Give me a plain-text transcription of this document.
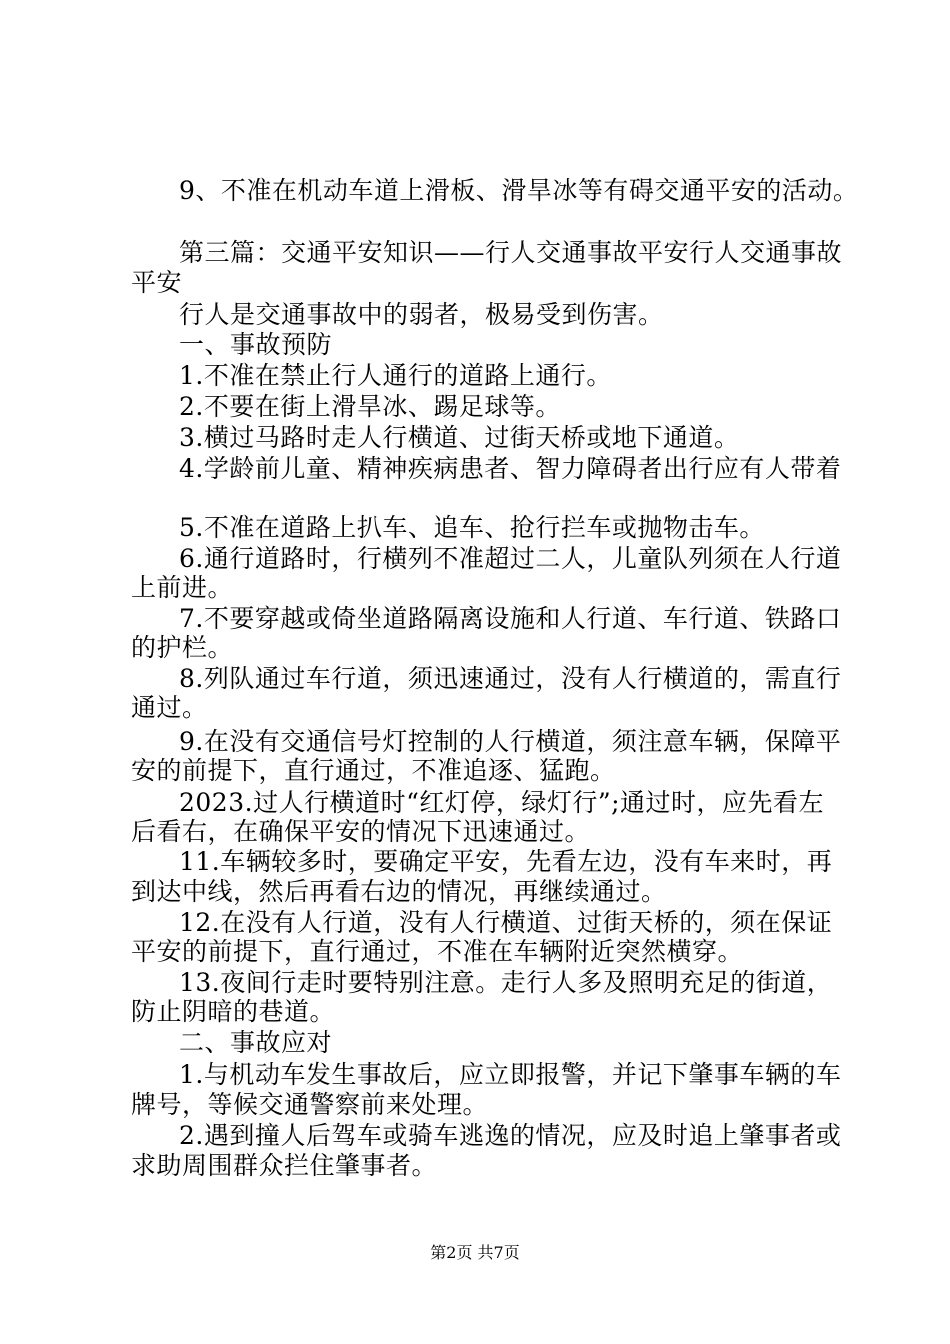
9、不准在机动车道上滑板、滑旱冰等有碍交通平安的活动。
第三篇：交通平安知识——行人交通事故平安行人交通事故
平安
行人是交通事故中的弱者，极易受到伤害。
一、事故预防
1.不准在禁止行人通行的道路上通行。
2.不要在街上滑旱冰、踢足球等。
3.横过马路时走人行横道、过街天桥或地下通道。
4.学龄前儿童、精神疾病患者、智力障碍者出行应有人带着
5.不准在道路上扒车、追车、抢行拦车或抛物击车。
6.通行道路时，行横列不准超过二人，儿童队列须在人行道
上前进。
7.不要穿越或倚坐道路隔离设施和人行道、车行道、铁路口
的护栏。
8.列队通过车行道，须迅速通过，没有人行横道的，需直行
通过。
9.在没有交通信号灯控制的人行横道，须注意车辆，保障平
安的前提下，直行通过，不准追逐、猛跑。
2023.过人行横道时“红灯停，绿灯行”;通过时，应先看左
后看右，在确保平安的情况下迅速通过。
11.车辆较多时，要确定平安，先看左边，没有车来时，再
到达中线，然后再看右边的情况，再继续通过。
12.在没有人行道，没有人行横道、过街天桥的，须在保证
平安的前提下，直行通过，不准在车辆附近突然横穿。
13.夜间行走时要特别注意。走行人多及照明充足的街道，
防止阴暗的巷道。
二、事故应对
1.与机动车发生事故后，应立即报警，并记下肇事车辆的车
牌号，等候交通警察前来处理。
2.遇到撞人后驾车或骑车逃逸的情况，应及时追上肇事者或
求助周围群众拦住肇事者。
第2页 共7页
